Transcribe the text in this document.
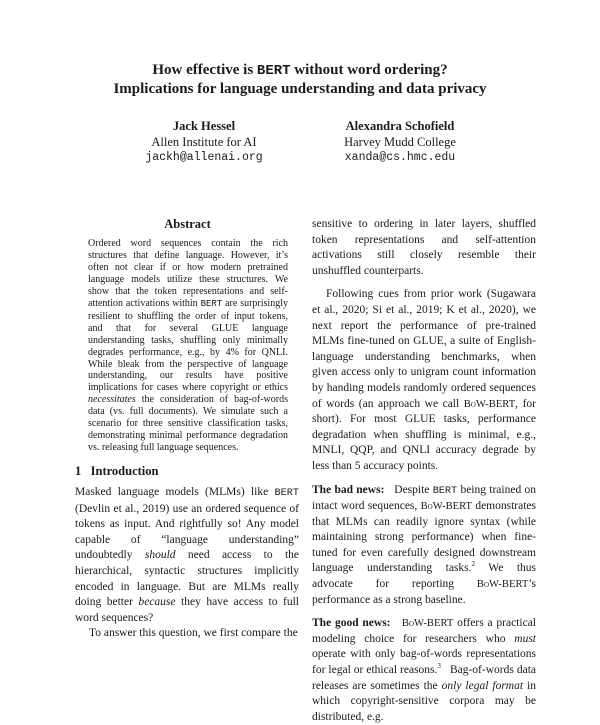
How effective is BERT without word ordering?
Implications for language understanding and data privacy
Jack Hessel
Allen Institute for AI
jackh@allenai.org
Alexandra Schofield
Harvey Mudd College
xanda@cs.hmc.edu
Abstract
Ordered word sequences contain the rich structures that define language. However, it’s often not clear if or how modern pretrained language models utilize these structures. We show that the token representations and self-attention activations within BERT are surprisingly resilient to shuffling the order of input tokens, and that for several GLUE language understanding tasks, shuffling only minimally degrades performance, e.g., by 4% for QNLI. While bleak from the perspective of language understanding, our results have positive implications for cases where copyright or ethics necessitates the consideration of bag-of-words data (vs. full documents). We simulate such a scenario for three sensitive classification tasks, demonstrating minimal performance degradation vs. releasing full language sequences.
1   Introduction

Masked language models (MLMs) like BERT (Devlin et al., 2019) use an ordered sequence of tokens as input. And rightfully so! Any model capable of “language understanding” undoubtedly should need access to the hierarchical, syntactic structures implicitly encoded in language. But are MLMs really doing better because they have access to full word sequences?

To answer this question, we first compare the

sensitive to ordering in later layers, shuffled token representations and self-attention activations still closely resemble their unshuffled counterparts.

Following cues from prior work (Sugawara et al., 2020; Si et al., 2019; K et al., 2020), we next report the performance of pre-trained MLMs fine-tuned on GLUE, a suite of English-language understanding benchmarks, when given access only to unigram count information by handing models randomly ordered sequences of words (an approach we call BoW-BERT, for short). For most GLUE tasks, performance degradation when shuffling is minimal, e.g., MNLI, QQP, and QNLI accuracy degrade by less than 5 accuracy points.

The bad news:   Despite BERT being trained on intact word sequences, BoW-BERT demonstrates that MLMs can readily ignore syntax (while maintaining strong performance) when fine-tuned for even carefully designed downstream language understanding tasks.$^2$ We thus advocate for reporting BoW-BERT’s performance as a strong baseline.

The good news: BoW-BERT offers a practical modeling choice for researchers who must operate with only bag-of-words representations for legal or ethical reasons.$^3$   Bag-of-words data releases are sometimes the only legal format in which copyright-sensitive corpora may be distributed, e.g.
